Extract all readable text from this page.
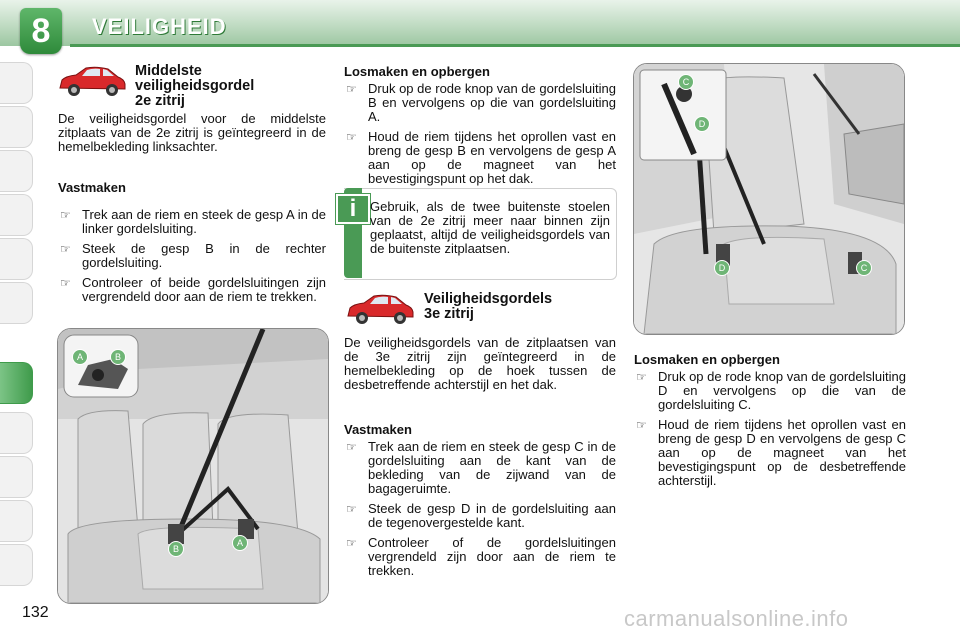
8	VEILIGHEID
Middelste
veiligheidsgordel
2e zitrij
De veiligheidsgordel voor de middelste zitplaats van de 2e zitrij is geïntegreerd in de hemelbekleding linksachter.
Vastmaken
☞ Trek aan de riem en steek de gesp A in de linker gordelsluiting.
☞ Steek de gesp B in de rechter gordelsluiting.
☞ Controleer of beide gordelsluitingen zijn vergrendeld door aan de riem te trekken.
A	B
B
A
Losmaken en opbergen
☞ Druk op de rode knop van de gordelsluiting B en vervolgens op die van gordelsluiting A.
☞ Houd de riem tijdens het oprollen vast en breng de gesp B en vervolgens de gesp A aan op de magneet van het bevestigingspunt op het dak.
i	Gebruik, als de twee buitenste stoelen van de 2e zitrij meer naar binnen zijn geplaatst, altijd de veiligheidsgordels van de buitenste zitplaatsen.
Veiligheidsgordels
3e zitrij
De veiligheidsgordels van de zitplaatsen van de 3e zitrij zijn geïntegreerd in de hemelbekleding op de hoek tussen de desbetreffende achterstijl en het dak.
Vastmaken
☞ Trek aan de riem en steek de gesp C in de gordelsluiting aan de kant van de bekleding van de zijwand van de bagageruimte.
☞ Steek de gesp D in de gordelsluiting aan de tegenovergestelde kant.
☞ Controleer of de gordelsluitingen vergrendeld zijn door aan de riem te trekken.
C
D
D	C
Losmaken en opbergen
☞ Druk op de rode knop van de gordelsluiting D en vervolgens op die van de gordelsluiting C.
☞ Houd de riem tijdens het oprollen vast en breng de gesp D en vervolgens de gesp C aan op de magneet van het bevestigingspunt op de desbetreffende achterstijl.
132	carmanualsonline.info
